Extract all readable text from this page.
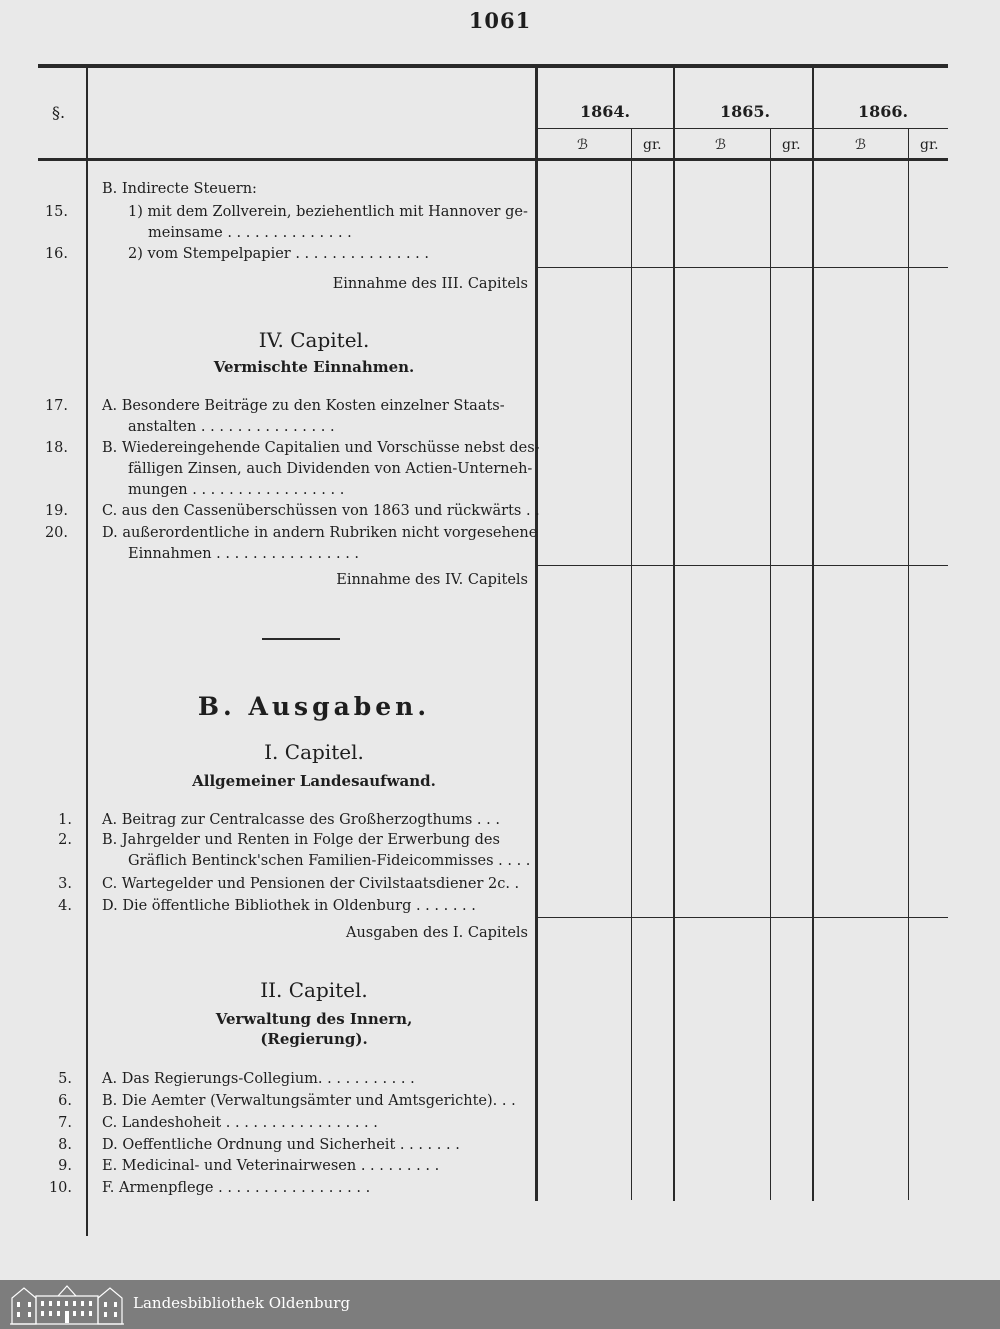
1061
§.	1864.	1865.	1866.
ℬ	gr.	ℬ	gr.	ℬ	gr.
B. Indirecte Steuern:
15.	1) mit dem Zollverein, beziehentlich mit Hannover ge-
meinsame . . . . . . . . . . . . . .
16.	2) vom Stempelpapier . . . . . . . . . . . . . . .
Einnahme des III. Capitels
IV. Capitel.
Vermischte Einnahmen.
17. A. Besondere Beiträge zu den Kosten einzelner Staats-
anstalten . . . . . . . . . . . . . . .
18. B. Wiedereingehende Capitalien und Vorschüsse nebst des-
fälligen Zinsen, auch Dividenden von Actien-Unterneh-
mungen . . . . . . . . . . . . . . . . .
19. C. aus den Cassenüberschüssen von 1863 und rückwärts . .
20. D. außerordentliche in andern Rubriken nicht vorgesehene
Einnahmen . . . . . . . . . . . . . . . .
Einnahme des IV. Capitels
B. Ausgaben.
I. Capitel.
Allgemeiner Landesaufwand.
1. A. Beitrag zur Centralcasse des Großherzogthums . . .
2. B. Jahrgelder und Renten in Folge der Erwerbung des
Gräflich Bentinck'schen Familien-Fideicommisses . . . .
3. C. Wartegelder und Pensionen der Civilstaatsdiener 2c. .
4. D. Die öffentliche Bibliothek in Oldenburg . . . . . . .
Ausgaben des I. Capitels
II. Capitel.
Verwaltung des Innern,
(Regierung).
5. A. Das Regierungs-Collegium. . . . . . . . . . .
6. B. Die Aemter (Verwaltungsämter und Amtsgerichte). . .
7. C. Landeshoheit . . . . . . . . . . . . . . . . .
8. D. Oeffentliche Ordnung und Sicherheit . . . . . . .
9. E. Medicinal- und Veterinairwesen . . . . . . . . .
10. F. Armenpflege . . . . . . . . . . . . . . . . .
Landesbibliothek Oldenburg
